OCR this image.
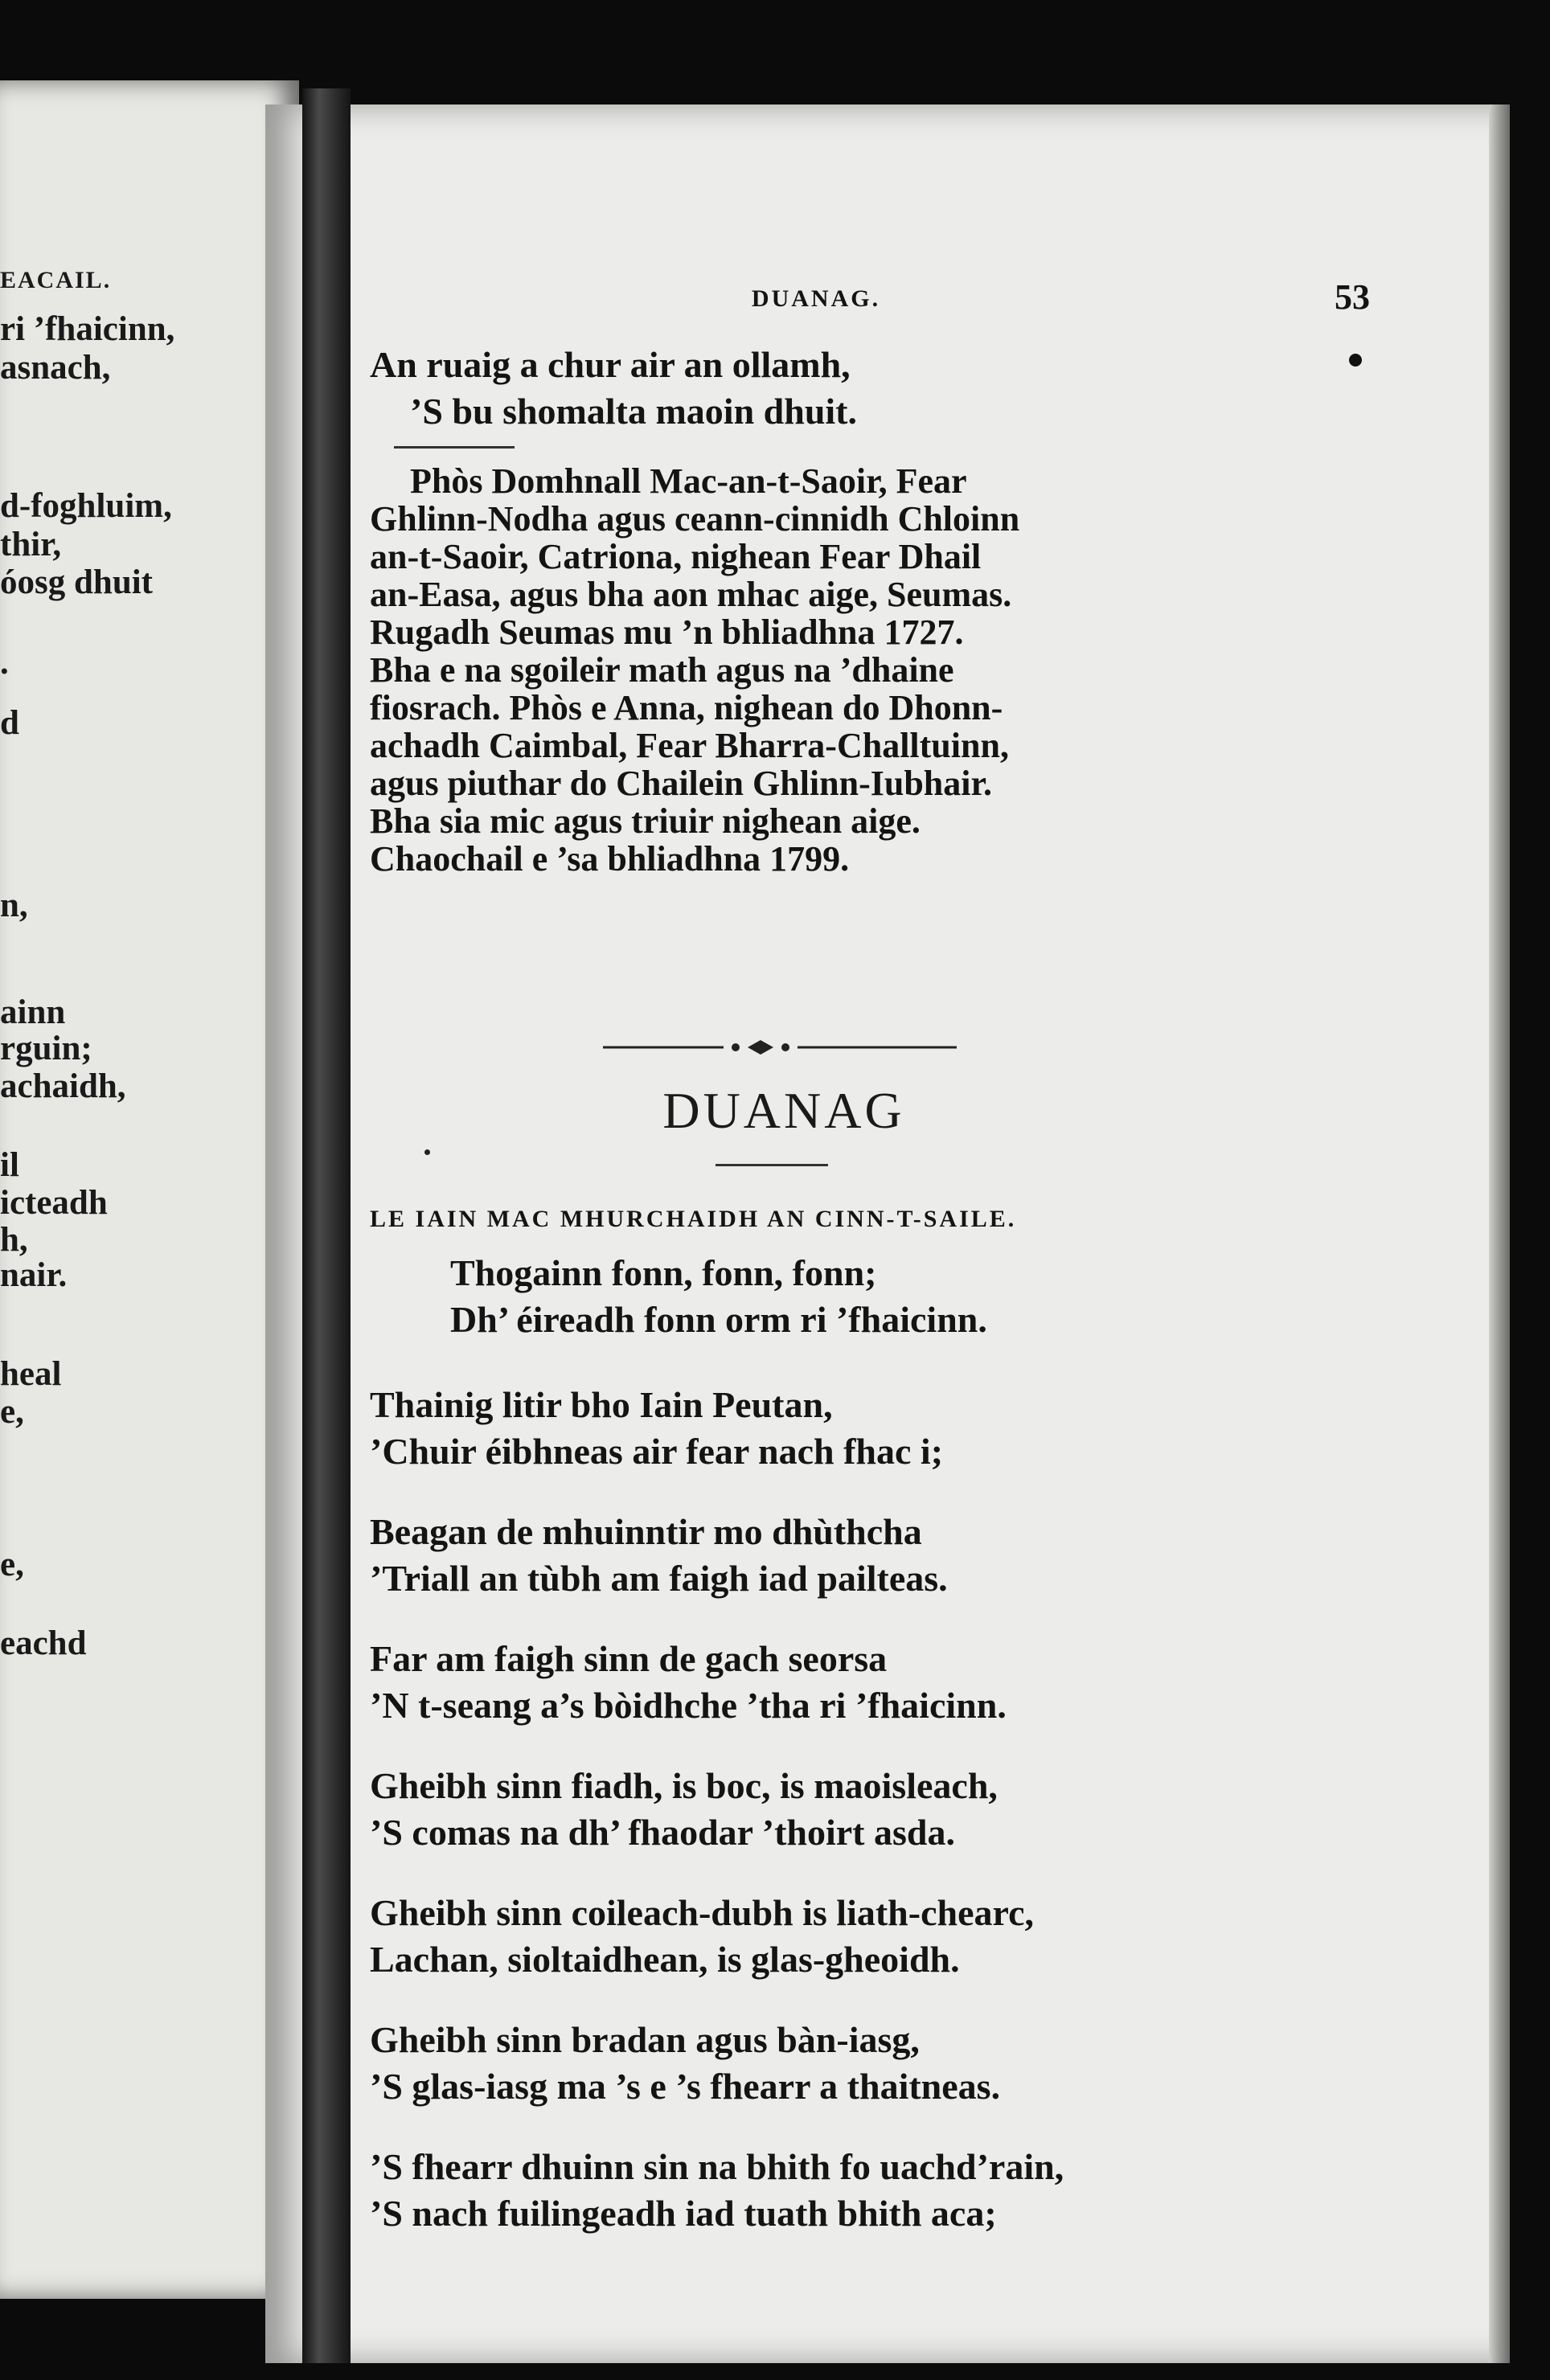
EACAIL.
ri ’fhaicinn,
asnach,
d-foghluim,
thir,
óosg dhuit
.
d
n,
ainn
rguin;
achaidh,
il
icteadh
h,
nair.
heal
e,
e,
eachd
DUANAG.	53
An ruaig a chur air an ollamh,
’S bu shomalta maoin dhuit.
Phòs Domhnall Mac-an-t-Saoir, Fear
Ghlinn-Nodha agus ceann-cinnidh Chloinn
an-t-Saoir, Catriona, nighean Fear Dhail
an-Easa, agus bha aon mhac aige, Seumas.
Rugadh Seumas mu ’n bhliadhna 1727.
Bha e na sgoileir math agus na ’dhaine
fiosrach. Phòs e Anna, nighean do Dhonn-
achadh Caimbal, Fear Bharra-Challtuinn,
agus piuthar do Chailein Ghlinn-Iubhair.
Bha sia mic agus triuir nighean aige.
Chaochail e ’sa bhliadhna 1799.
DUANAG
LE IAIN MAC MHURCHAIDH AN CINN-T-SAILE.
Thogainn fonn, fonn, fonn;
Dh’ éireadh fonn orm ri ’fhaicinn.
Thainig litir bho Iain Peutan,
’Chuir éibhneas air fear nach fhac i;
Beagan de mhuinntir mo dhùthcha
’Triall an tùbh am faigh iad pailteas.
Far am faigh sinn de gach seorsa
’N t-seang a’s bòidhche ’tha ri ’fhaicinn.
Gheibh sinn fiadh, is boc, is maoisleach,
’S comas na dh’ fhaodar ’thoirt asda.
Gheibh sinn coileach-dubh is liath-chearc,
Lachan, sioltaidhean, is glas-gheoidh.
Gheibh sinn bradan agus bàn-iasg,
’S glas-iasg ma ’s e ’s fhearr a thaitneas.
’S fhearr dhuinn sin na bhith fo uachd’rain,
’S nach fuilingeadh iad tuath bhith aca;
